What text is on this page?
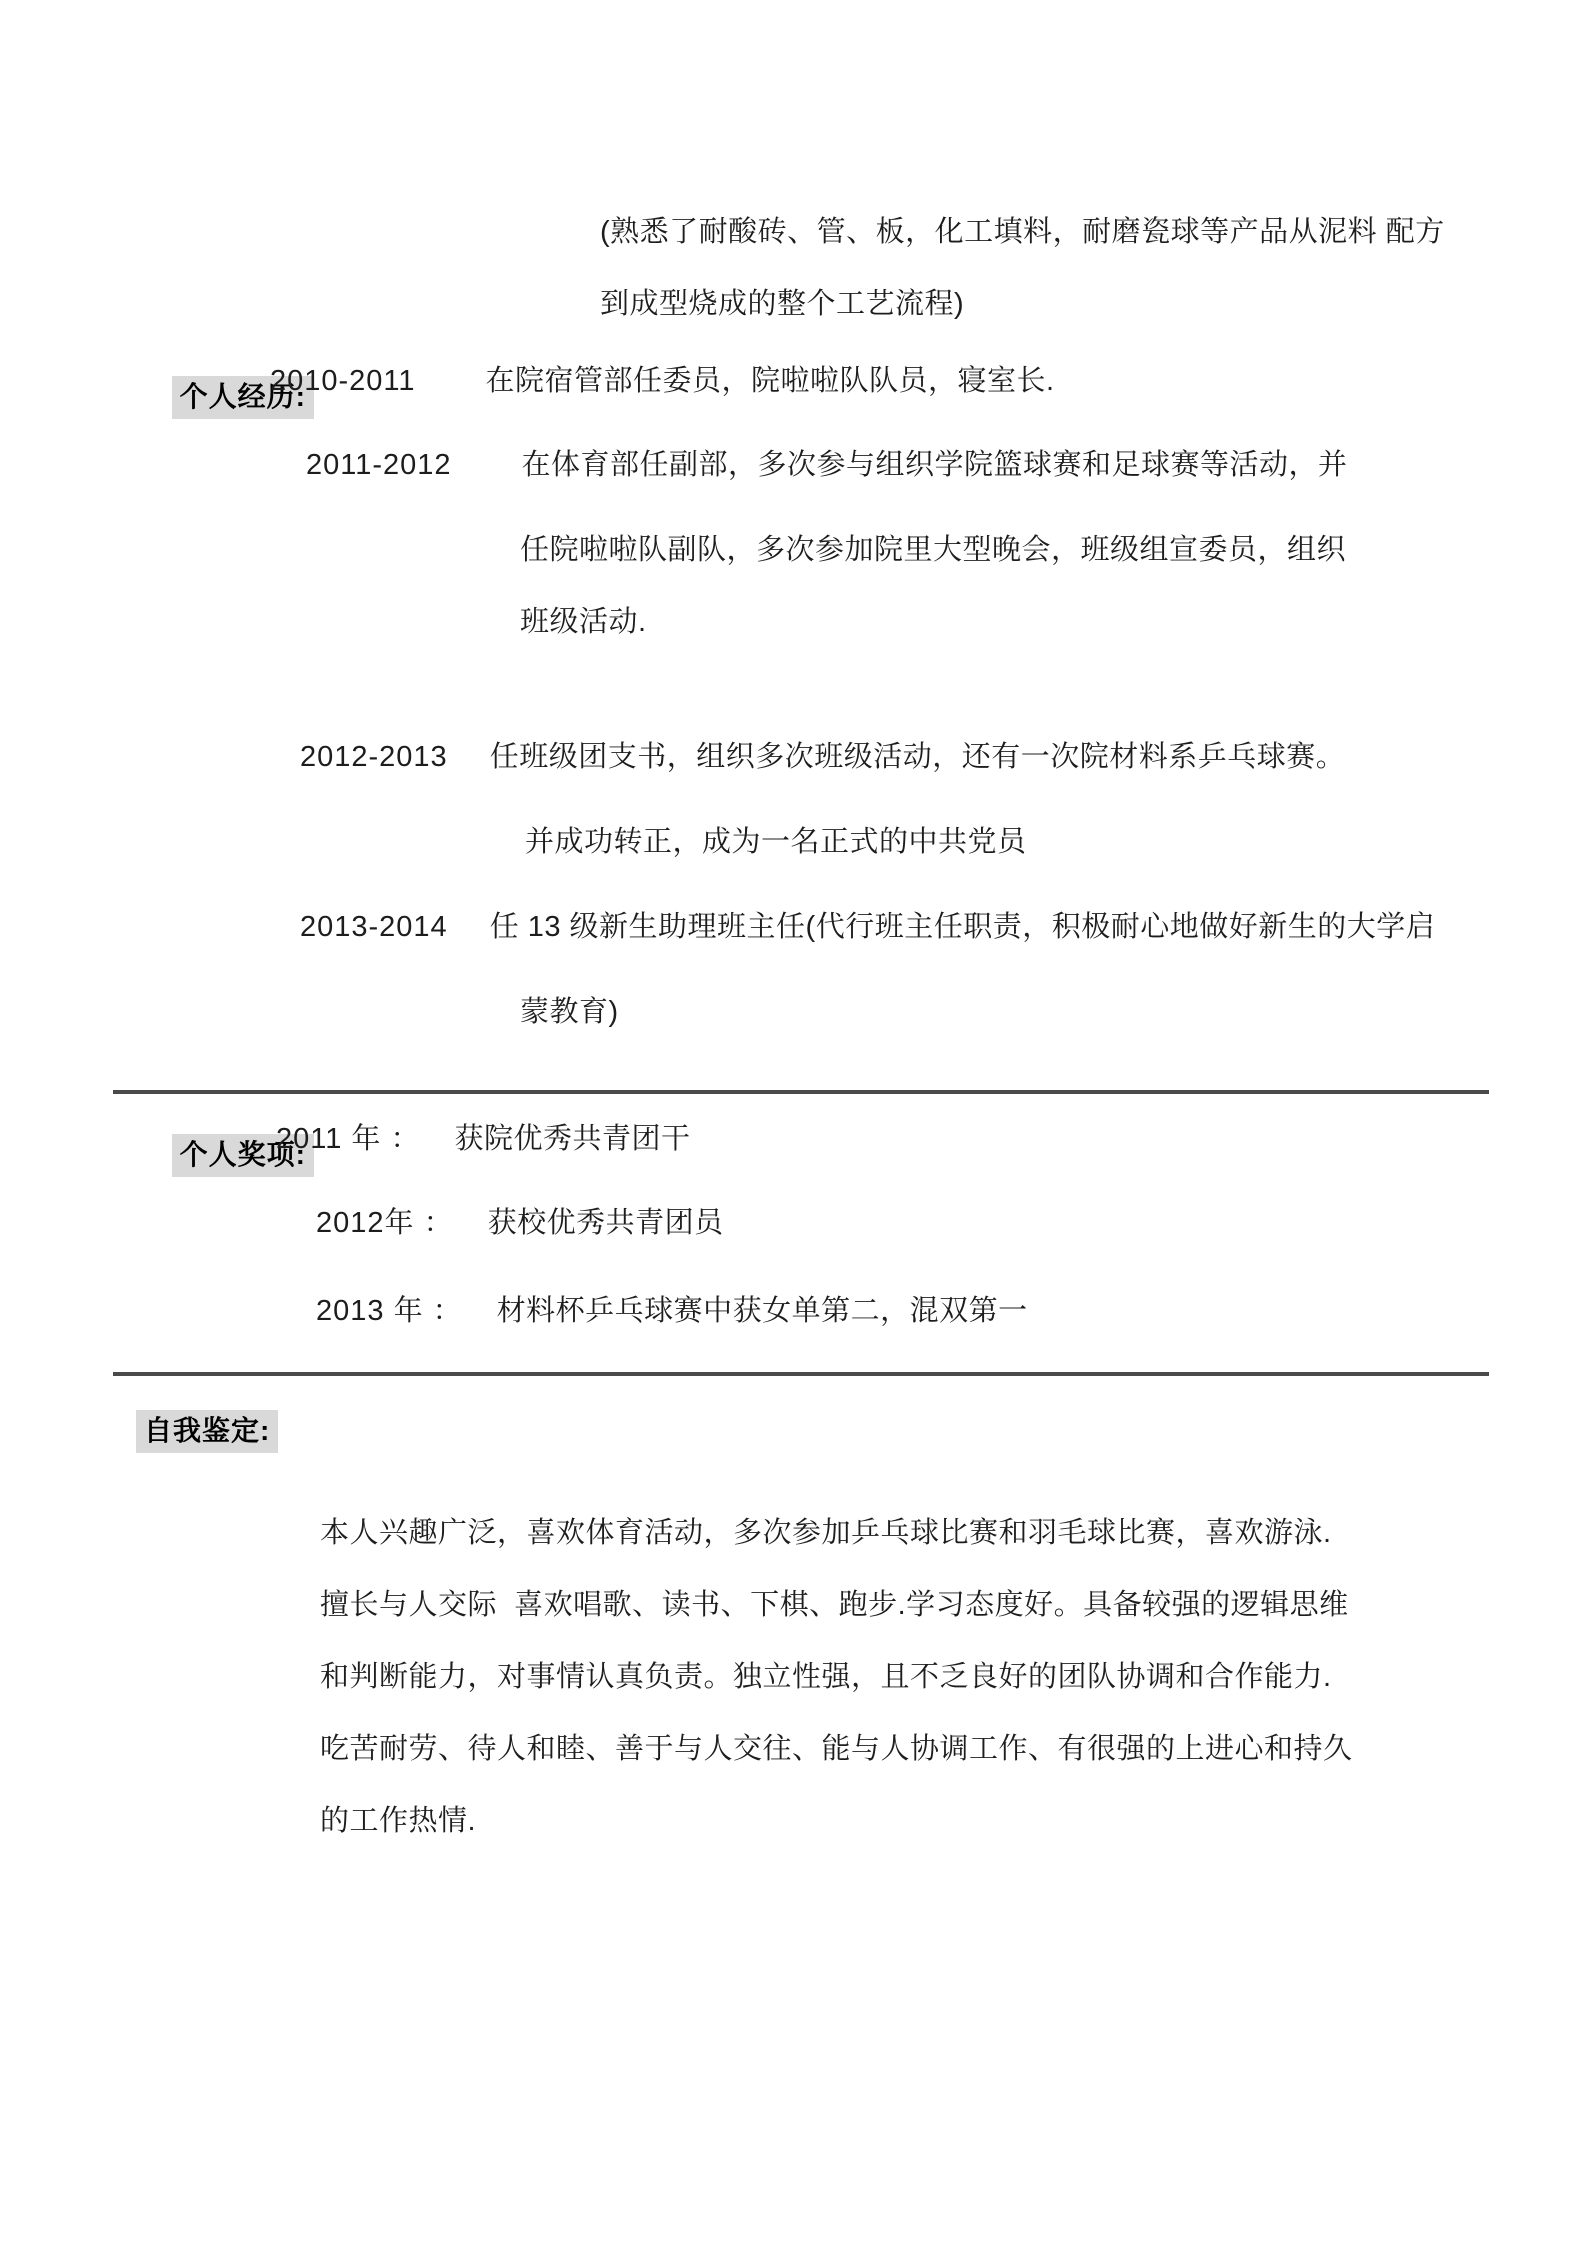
(熟悉了耐酸砖、管、板，化工填料，耐磨瓷球等产品从泥料 配方
到成型烧成的整个工艺流程)

个人经历:

2010-2011 在院宿管部任委员，院啦啦队队员，寝室长.
2011-2012 在体育部任副部，多次参与组织学院篮球赛和足球赛等活动，并
任院啦啦队副队，多次参加院里大型晚会，班级组宣委员，组织
班级活动.
2012-2013 任班级团支书，组织多次班级活动，还有一次院材料系乒乓球赛。
并成功转正，成为一名正式的中共党员
2013-2014 任 13 级新生助理班主任(代行班主任职责，积极耐心地做好新生的大学启
蒙教育)

个人奖项:

2011 年 ： 获院优秀共青团干
2012年 ： 获校优秀共青团员
2013 年 ： 材料杯乒乓球赛中获女单第二，混双第一
自我鉴定:
本人兴趣广泛，喜欢体育活动，多次参加乒乓球比赛和羽毛球比赛，喜欢游泳.
擅长与人交际  喜欢唱歌、读书、下棋、跑步.学习态度好。具备较强的逻辑思维
和判断能力，对事情认真负责。独立性强，且不乏良好的团队协调和合作能力.
吃苦耐劳、待人和睦、善于与人交往、能与人协调工作、有很强的上进心和持久
的工作热情.
